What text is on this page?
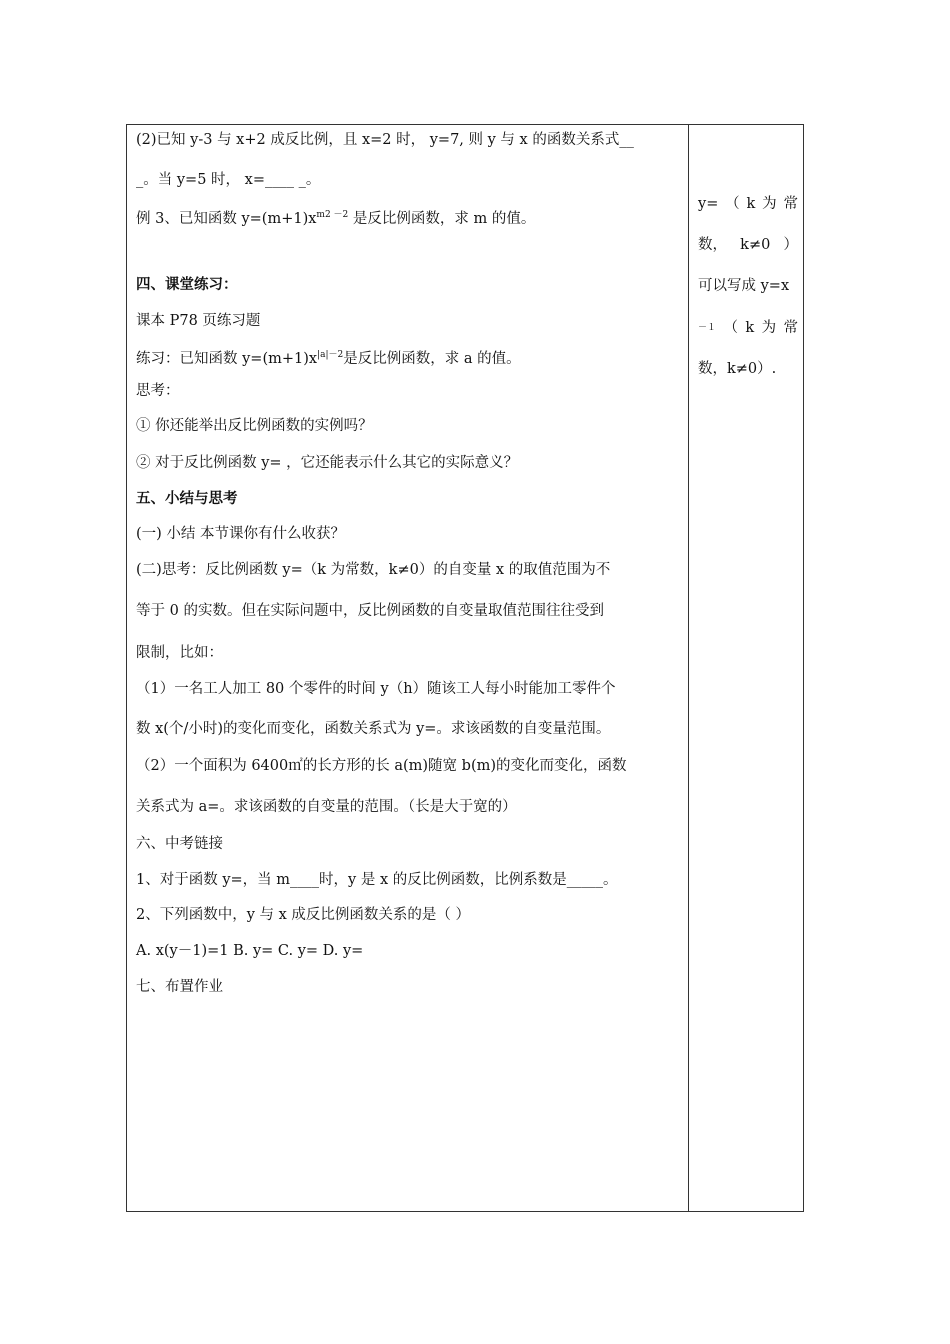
(2)已知 y-3 与 x+2 成反比例，且 x=2 时， y=7, 则 y 与 x 的函数关系式__
_。当 y=5 时， x=____ _。
例 3、已知函数 $y=(m+1)x^{m2 -2}$ 是反比例函数，求 m 的值。
四、课堂练习：
课本 P78 页练习题
练习：已知函数 $y=(m+1)x^{|a|-2}$是反比例函数，求 a 的值。
思考：
① 你还能举出反比例函数的实例吗？
② 对于反比例函数 y= ，它还能表示什么其它的实际意义？
五、小结与思考
(一) 小结 本节课你有什么收获？
(二)思考：反比例函数 y=（k 为常数，k≠0）的自变量 x 的取值范围为不
等于 0 的实数。但在实际问题中，反比例函数的自变量取值范围往往受到
限制，比如：
（1）一名工人加工 80 个零件的时间 y（h）随该工人每小时能加工零件个
数 x(个/小时)的变化而变化，函数关系式为 y=。求该函数的自变量范围。
（2）一个面积为 6400㎡的长方形的长 a(m)随宽 b(m)的变化而变化，函数
关系式为 a=。求该函数的自变量的范围。（长是大于宽的）
六、中考链接
1、对于函数 y=，当 m____时，y 是 x 的反比例函数，比例系数是_____。
2、下列函数中，y 与 x 成反比例函数关系的是（ ）
A. x(y－1)=1 B. y= C. y= D. y=
七、布置作业
y= （ k 为 常
数， k≠0 ）
可以写成 y=x
－１ （ k 为 常
数，k≠0）.
